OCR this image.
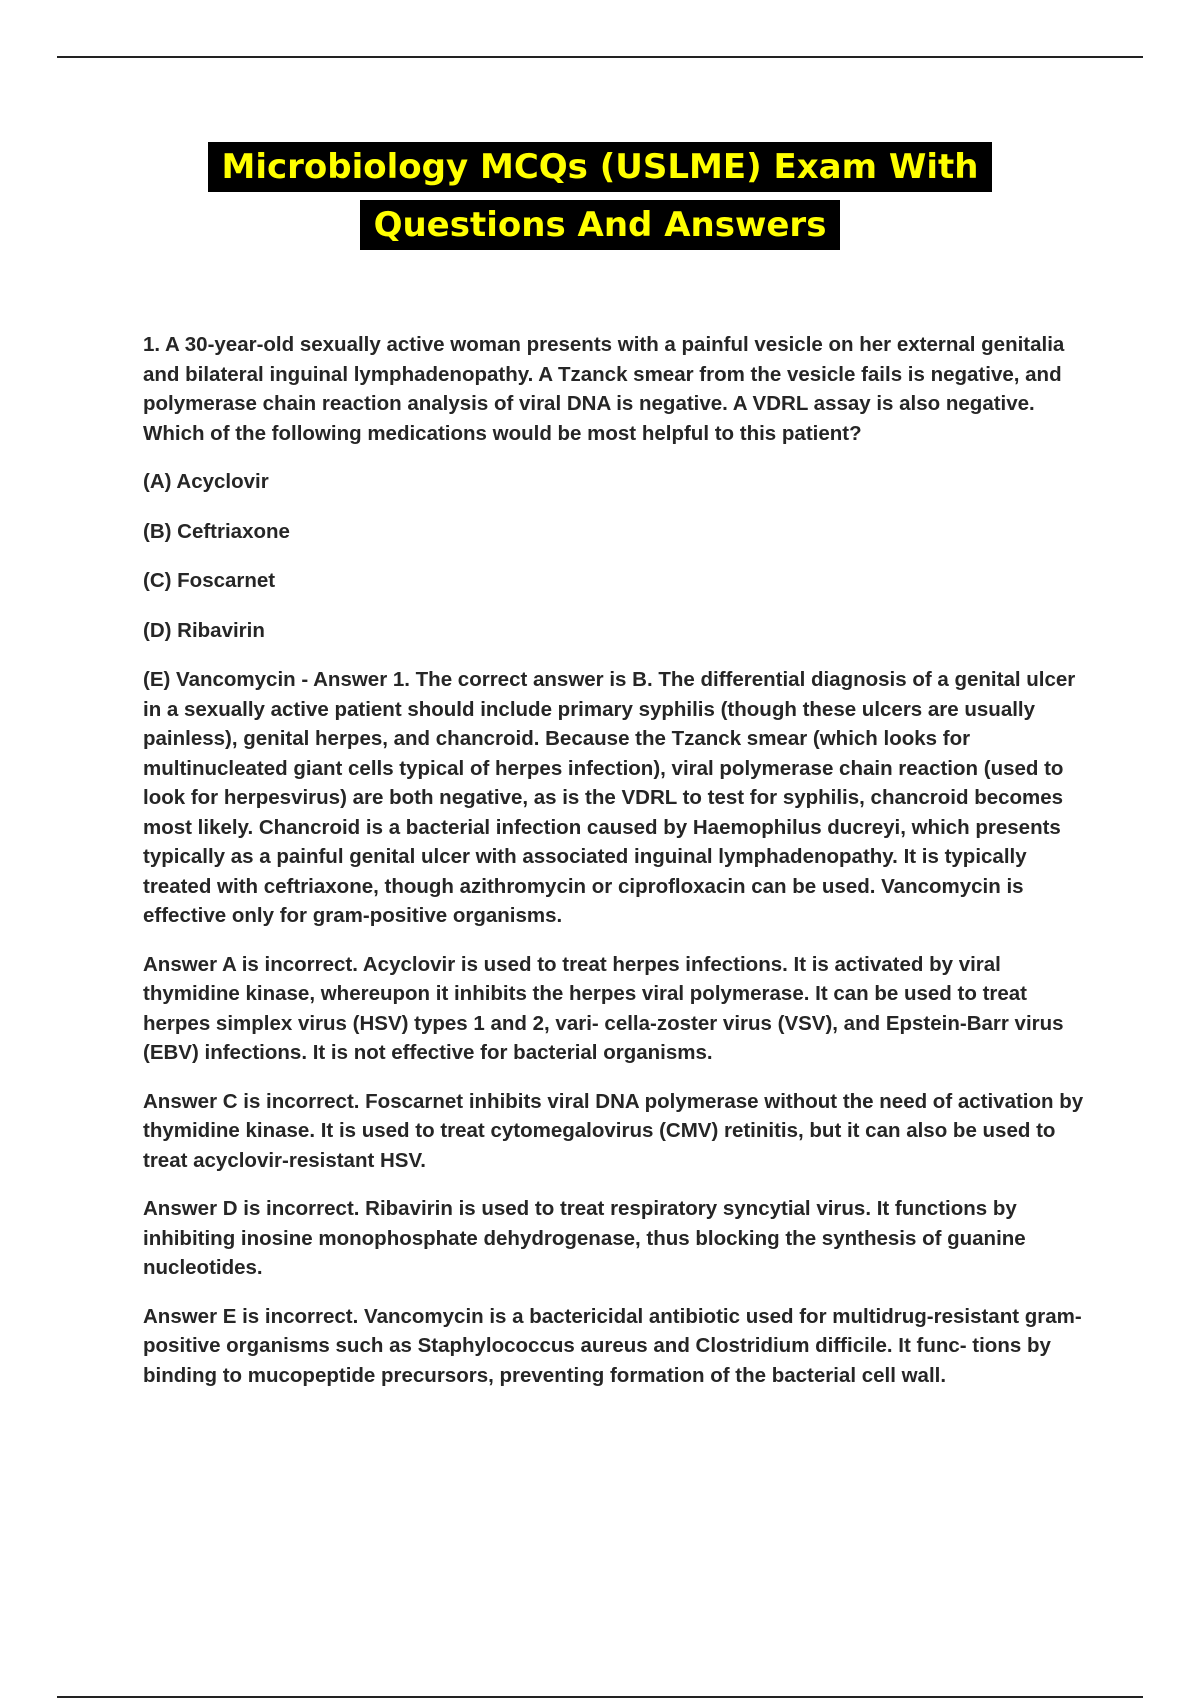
Microbiology MCQs (USLME) Exam With
Questions And Answers

1. A 30-year-old sexually active woman presents with a painful vesicle on her external genitalia and bilateral inguinal lymphadenopathy. A Tzanck smear from the vesicle fails is negative, and polymerase chain reaction analysis of viral DNA is negative. A VDRL assay is also negative. Which of the following medications would be most helpful to this patient?

(A) Acyclovir

(B) Ceftriaxone

(C) Foscarnet

(D) Ribavirin

(E) Vancomycin - Answer 1. The correct answer is B. The differential diagnosis of a genital ulcer in a sexually active patient should include primary syphilis (though these ulcers are usually painless), genital herpes, and chancroid. Because the Tzanck smear (which looks for multinucleated giant cells typical of herpes infection), viral polymerase chain reaction (used to look for herpesvirus) are both negative, as is the VDRL to test for syphilis, chancroid becomes most likely. Chancroid is a bacterial infection caused by Haemophilus ducreyi, which presents typically as a painful genital ulcer with associated inguinal lymphadenopathy. It is typically treated with ceftriaxone, though azithromycin or ciprofloxacin can be used. Vancomycin is effective only for gram-positive organisms.

Answer A is incorrect. Acyclovir is used to treat herpes infections. It is activated by viral thymidine kinase, whereupon it inhibits the herpes viral polymerase. It can be used to treat herpes simplex virus (HSV) types 1 and 2, vari- cella-zoster virus (VSV), and Epstein-Barr virus (EBV) infections. It is not effective for bacterial organisms.

Answer C is incorrect. Foscarnet inhibits viral DNA polymerase without the need of activation by thymidine kinase. It is used to treat cytomegalovirus (CMV) retinitis, but it can also be used to treat acyclovir-resistant HSV.

Answer D is incorrect. Ribavirin is used to treat respiratory syncytial virus. It functions by inhibiting inosine monophosphate dehydrogenase, thus blocking the synthesis of guanine nucleotides.

Answer E is incorrect. Vancomycin is a bactericidal antibiotic used for multidrug-resistant gram-positive organisms such as Staphylococcus aureus and Clostridium difficile. It func- tions by binding to mucopeptide precursors, preventing formation of the bacterial cell wall.
